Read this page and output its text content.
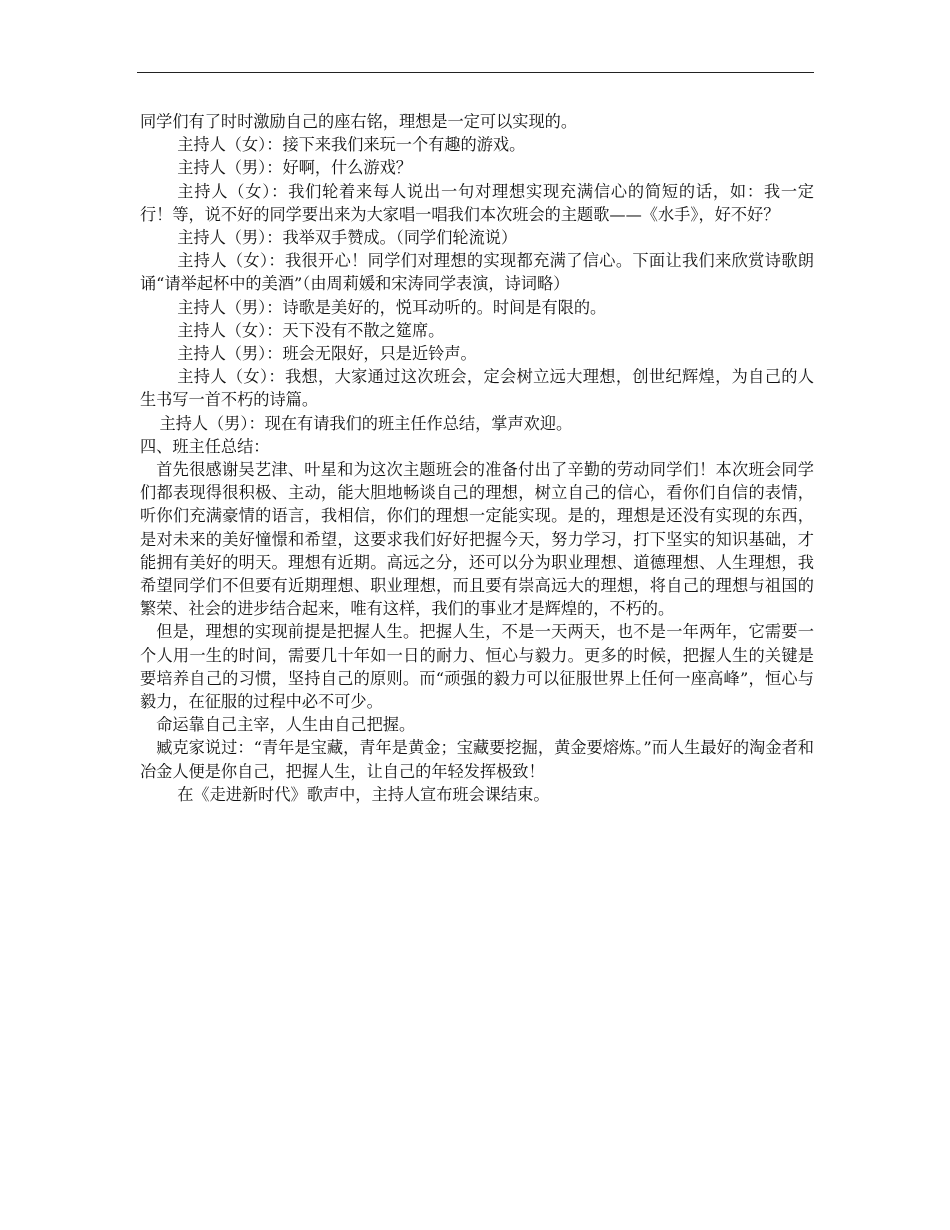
同学们有了时时激励自己的座右铭，理想是一定可以实现的。

主持人（女）：接下来我们来玩一个有趣的游戏。

主持人（男）：好啊，什么游戏？

主持人（女）：我们轮着来每人说出一句对理想实现充满信心的简短的话，如：我一定行！等，说不好的同学要出来为大家唱一唱我们本次班会的主题歌——《水手》，好不好？

主持人（男）：我举双手赞成。（同学们轮流说）

主持人（女）：我很开心！同学们对理想的实现都充满了信心。下面让我们来欣赏诗歌朗诵“请举起杯中的美酒”（由周莉媛和宋涛同学表演，诗词略）

主持人（男）：诗歌是美好的，悦耳动听的。时间是有限的。

主持人（女）：天下没有不散之筵席。

主持人（男）：班会无限好，只是近铃声。

主持人（女）：我想，大家通过这次班会，定会树立远大理想，创世纪辉煌，为自己的人生书写一首不朽的诗篇。

主持人（男）：现在有请我们的班主任作总结，掌声欢迎。

四、班主任总结：

首先很感谢吴艺津、叶星和为这次主题班会的准备付出了辛勤的劳动同学们！本次班会同学们都表现得很积极、主动，能大胆地畅谈自己的理想，树立自己的信心，看你们自信的表情，听你们充满豪情的语言，我相信，你们的理想一定能实现。是的，理想是还没有实现的东西，是对未来的美好憧憬和希望，这要求我们好好把握今天，努力学习，打下坚实的知识基础，才能拥有美好的明天。理想有近期。高远之分，还可以分为职业理想、道德理想、人生理想，我希望同学们不但要有近期理想、职业理想，而且要有崇高远大的理想，将自己的理想与祖国的繁荣、社会的进步结合起来，唯有这样，我们的事业才是辉煌的，不朽的。

但是，理想的实现前提是把握人生。把握人生，不是一天两天，也不是一年两年，它需要一个人用一生的时间，需要几十年如一日的耐力、恒心与毅力。更多的时候，把握人生的关键是要培养自己的习惯，坚持自己的原则。而“顽强的毅力可以征服世界上任何一座高峰”，恒心与毅力，在征服的过程中必不可少。

命运靠自己主宰，人生由自己把握。

臧克家说过：“青年是宝藏，青年是黄金；宝藏要挖掘，黄金要熔炼。”而人生最好的淘金者和冶金人便是你自己，把握人生，让自己的年轻发挥极致！

在《走进新时代》歌声中，主持人宣布班会课结束。
